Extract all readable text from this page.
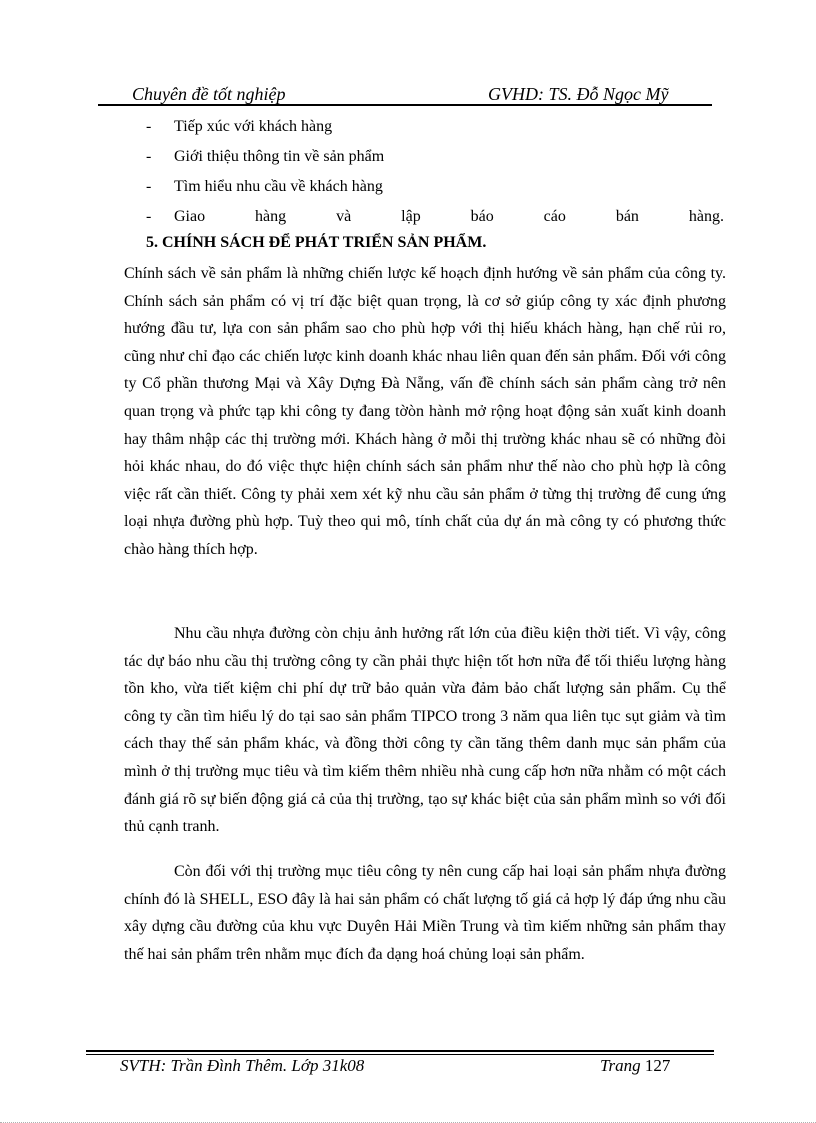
Chuyên đề tốt nghiệp	GVHD: TS. Đỗ Ngọc Mỹ
- Tiếp xúc với khách hàng
- Giới thiệu thông tin về sản phẩm
- Tìm hiểu nhu cầu về khách hàng
- Giao	hàng	và	lập	báo	cáo	bán	hàng.
5. CHÍNH SÁCH ĐỂ PHÁT TRIỂN SẢN PHẨM.

Chính sách về sản phẩm là những chiến lược kế hoạch định hướng về sản phẩm của công ty. Chính sách sản phẩm có vị trí đặc biệt quan trọng, là cơ sở giúp công ty xác định phương hướng đầu tư, lựa con sản phẩm sao cho phù hợp với thị hiếu khách hàng, hạn chế rủi ro, cũng như chỉ đạo các chiến lược kinh doanh khác nhau liên quan đến sản phẩm. Đối với công ty Cổ phần thương Mại và Xây Dựng Đà Nẵng, vấn đề chính sách sản phẩm càng trở nên quan trọng và phức tạp khi công ty đang tờòn hành mở rộng hoạt động sản xuất kinh doanh hay thâm nhập các thị trường mới. Khách hàng ở mỗi thị trường khác nhau sẽ có những đòi hỏi khác nhau, do đó việc thực hiện chính sách sản phẩm như thế nào cho phù hợp là công việc rất cần thiết. Công ty phải xem xét kỹ nhu cầu sản phẩm ở từng thị trường để cung ứng loại nhựa đường phù hợp. Tuỳ theo qui mô, tính chất của dự án mà công ty có phương thức chào hàng thích hợp.

Nhu cầu nhựa đường còn chịu ảnh hưởng rất lớn của điều kiện thời tiết. Vì vậy, công tác dự báo nhu cầu thị trường công ty cần phải thực hiện tốt hơn nữa để tối thiểu lượng hàng tồn kho, vừa tiết kiệm chi phí dự trữ bảo quản vừa đảm bảo chất lượng sản phẩm. Cụ thể công ty cần tìm hiểu lý do tại sao sản phẩm TIPCO trong 3 năm qua liên tục sụt giảm và tìm cách thay thế sản phẩm khác, và đồng thời công ty cần tăng thêm danh mục sản phẩm của mình ở thị trường mục tiêu và tìm kiếm thêm nhiều nhà cung cấp hơn nữa nhằm có một cách đánh giá rõ sự biến động giá cả của thị trường, tạo sự khác biệt của sản phẩm mình so với đối thủ cạnh tranh.

Còn đối với thị trường mục tiêu công ty nên cung cấp hai loại sản phẩm nhựa đường chính đó là SHELL, ESO đây là hai sản phẩm có chất lượng tố giá cả hợp lý đáp ứng nhu cầu xây dựng cầu đường của khu vực Duyên Hải Miền Trung và tìm kiếm những sản phẩm thay thế hai sản phẩm trên nhằm mục đích đa dạng hoá chủng loại sản phẩm.

SVTH: Trần Đình Thêm. Lớp 31k08	Trang 127
